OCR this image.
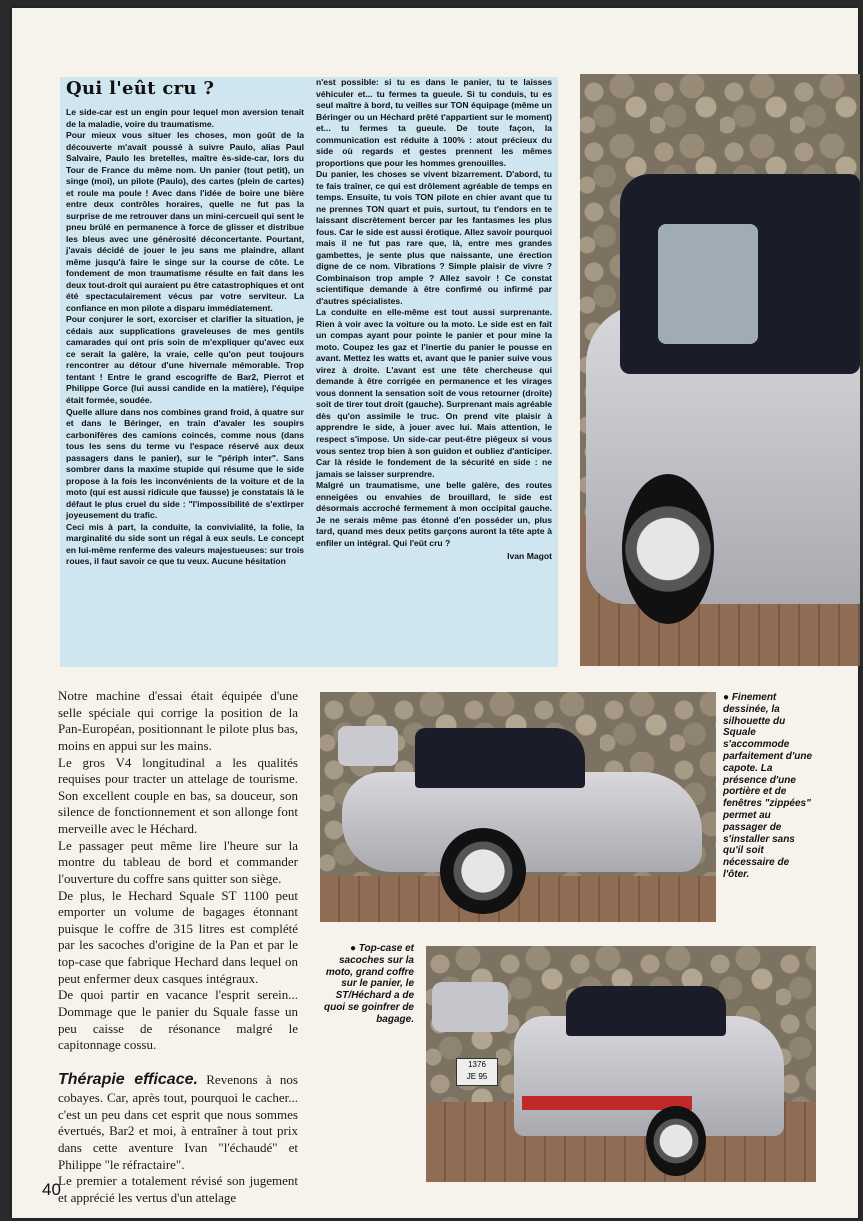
Qui l'eût cru ?

Le side-car est un engin pour lequel mon aversion tenait de la maladie, voire du traumatisme.

Pour mieux vous situer les choses, mon goût de la découverte m'avait poussé à suivre Paulo, alias Paul Salvaire, Paulo les bretelles, maître ès-side-car, lors du Tour de France du même nom. Un panier (tout petit), un singe (moi), un pilote (Paulo), des cartes (plein de cartes) et roule ma poule ! Avec dans l'idée de boire une bière entre deux contrôles horaires, quelle ne fut pas la surprise de me retrouver dans un mini-cercueil qui sent le pneu brûlé en permanence à force de glisser et distribue les bleus avec une générosité déconcertante. Pourtant, j'avais décidé de jouer le jeu sans me plaindre, allant même jusqu'à faire le singe sur la course de côte. Le fondement de mon traumatisme résulte en fait dans les deux tout-droit qui auraient pu être catastrophiques et ont été spectaculairement vécus par votre serviteur. La confiance en mon pilote a disparu immédiatement.

Pour conjurer le sort, exorciser et clarifier la situation, je cédais aux supplications graveleuses de mes gentils camarades qui ont pris soin de m'expliquer qu'avec eux ce serait la galère, la vraie, celle qu'on peut toujours rencontrer au détour d'une hivernale mémorable. Trop tentant ! Entre le grand escogriffe de Bar2, Pierrot et Philippe Gorce (lui aussi candide en la matière), l'équipe était formée, soudée.

Quelle allure dans nos combines grand froid, à quatre sur et dans le Béringer, en train d'avaler les soupirs carbonifères des camions coincés, comme nous (dans tous les sens du terme vu l'espace réservé aux deux passagers dans le panier), sur le "périph inter". Sans sombrer dans la maxime stupide qui résume que le side propose à la fois les inconvénients de la voiture et de la moto (qui est aussi ridicule que fausse) je constatais là le défaut le plus cruel du side : "l'impossibilité de s'extirper joyeusement du trafic.

Ceci mis à part, la conduite, la convivialité, la folie, la marginalité du side sont un régal à eux seuls. Le concept en lui-même renferme des valeurs majestueuses: sur trois roues, il faut savoir ce que tu veux. Aucune hésitation

n'est possible: si tu es dans le panier, tu te laisses véhiculer et... tu fermes ta gueule. Si tu conduis, tu es seul maître à bord, tu veilles sur TON équipage (même un Béringer ou un Héchard prêté t'appartient sur le moment) et... tu fermes ta gueule. De toute façon, la communication est réduite à 100% : atout précieux du side où regards et gestes prennent les mêmes proportions que pour les hommes grenouilles.

Du panier, les choses se vivent bizarrement. D'abord, tu te fais traîner, ce qui est drôlement agréable de temps en temps. Ensuite, tu vois TON pilote en chier avant que tu ne prennes TON quart et puis, surtout, tu t'endors en te laissant discrètement bercer par les fantasmes les plus fous. Car le side est aussi érotique. Allez savoir pourquoi mais il ne fut pas rare que, là, entre mes grandes gambettes, je sente plus que naissante, une érection digne de ce nom. Vibrations ? Simple plaisir de vivre ? Combinaison trop ample ? Allez savoir ! Ce constat scientifique demande à être confirmé ou infirmé par d'autres spécialistes.

La conduite en elle-même est tout aussi surprenante. Rien à voir avec la voiture ou la moto. Le side est en fait un compas ayant pour pointe le panier et pour mine la moto. Coupez les gaz et l'inertie du panier le pousse en avant. Mettez les watts et, avant que le panier suive vous virez à droite. L'avant est une tête chercheuse qui demande à être corrigée en permanence et les virages vous donnent la sensation soit de vous retourner (droite) soit de tirer tout droit (gauche). Surprenant mais agréable dès qu'on assimile le truc. On prend vite plaisir à apprendre le side, à jouer avec lui. Mais attention, le respect s'impose. Un side-car peut-être piégeux si vous vous sentez trop bien à son guidon et oubliez d'anticiper. Car là réside le fondement de la sécurité en side : ne jamais se laisser surprendre.

Malgré un traumatisme, une belle galère, des routes enneigées ou envahies de brouillard, le side est désormais accroché fermement à mon occipital gauche. Je ne serais même pas étonné d'en posséder un, plus tard, quand mes deux petits garçons auront la tête apte à enfiler un intégral. Qui l'eût cru ?

Ivan Magot

Notre machine d'essai était équipée d'une selle spéciale qui corrige la position de la Pan-Européan, positionnant le pilote plus bas, moins en appui sur les mains.

Le gros V4 longitudinal a les qualités requises pour tracter un attelage de tourisme. Son excellent couple en bas, sa douceur, son silence de fonctionnement et son allonge font merveille avec le Héchard.

Le passager peut même lire l'heure sur la montre du tableau de bord et commander l'ouverture du coffre sans quitter son siège.

De plus, le Hechard Squale ST 1100 peut emporter un volume de bagages étonnant puisque le coffre de 315 litres est complété par les sacoches d'origine de la Pan et par le top-case que fabrique Hechard dans lequel on peut enfermer deux casques intégraux.

De quoi partir en vacance l'esprit serein... Dommage que le panier du Squale fasse un peu caisse de résonance malgré le capitonnage cossu.

Thérapie efficace. Revenons à nos cobayes. Car, après tout, pourquoi le cacher... c'est un peu dans cet esprit que nous sommes évertués, Bar2 et moi, à entraîner à tout prix dans cette aventure Ivan "l'échaudé" et Philippe "le réfractaire".

Le premier a totalement révisé son jugement et apprécié les vertus d'un attelage

● Finement dessinée, la silhouette du Squale s'accommode parfaitement d'une capote. La présence d'une portière et de fenêtres "zippées" permet au passager de s'installer sans qu'il soit nécessaire de l'ôter.
● Top-case et sacoches sur la moto, grand coffre sur le panier, le ST/Héchard a de quoi se goinfrer de bagage.
1376
JE 95
40
